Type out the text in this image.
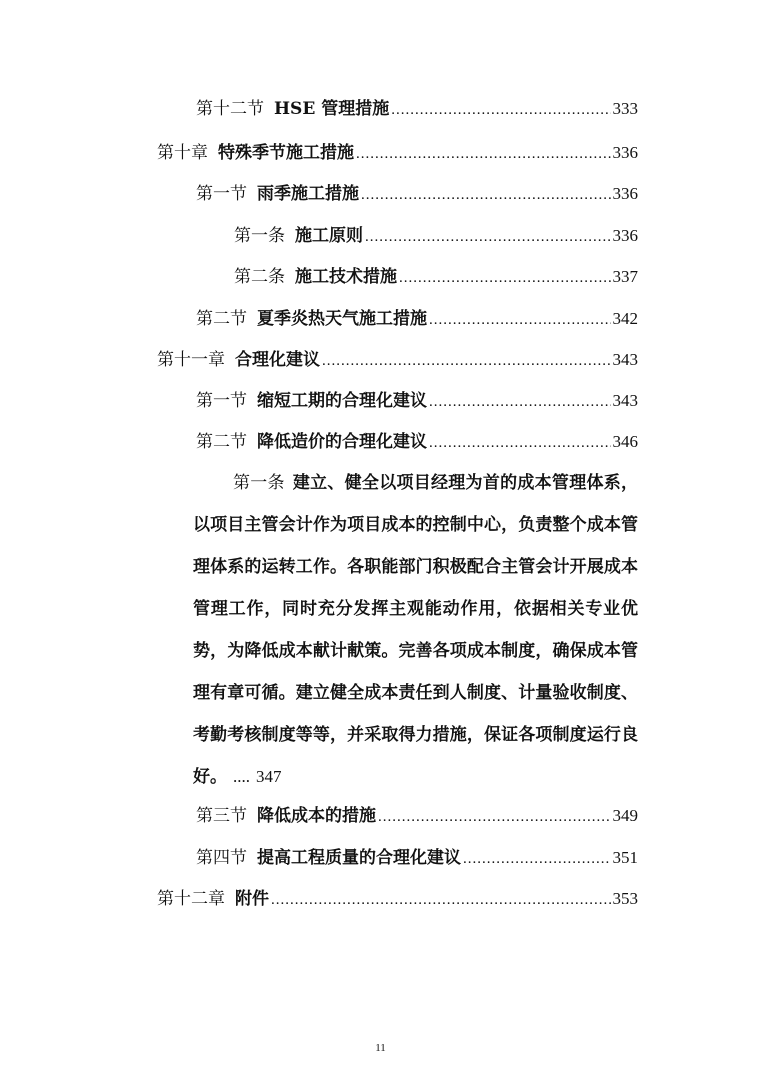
第十二节 HSE 管理措施 .....	333
第十章 特殊季节施工措施 .....	336
第一节 雨季施工措施 .....	336
第一条 施工原则 .....	336
第二条 施工技术措施 .....	337
第二节 夏季炎热天气施工措施 .....	342
第十一章 合理化建议 .....	343
第一节 缩短工期的合理化建议 .....	343
第二节 降低造价的合理化建议 .....	346
第一条 建立、健全以项目经理为首的成本管理体系，以项目主管会计作为项目成本的控制中心，负责整个成本管理体系的运转工作。各职能部门积极配合主管会计开展成本管理工作，同时充分发挥主观能动作用，依据相关专业优势，为降低成本献计献策。完善各项成本制度，确保成本管理有章可循。建立健全成本责任到人制度、计量验收制度、考勤考核制度等等，并采取得力措施，保证各项制度运行良好。 .... 347
第三节 降低成本的措施 .....	349
第四节 提高工程质量的合理化建议 .....	351
第十二章 附件 .....	353
11
